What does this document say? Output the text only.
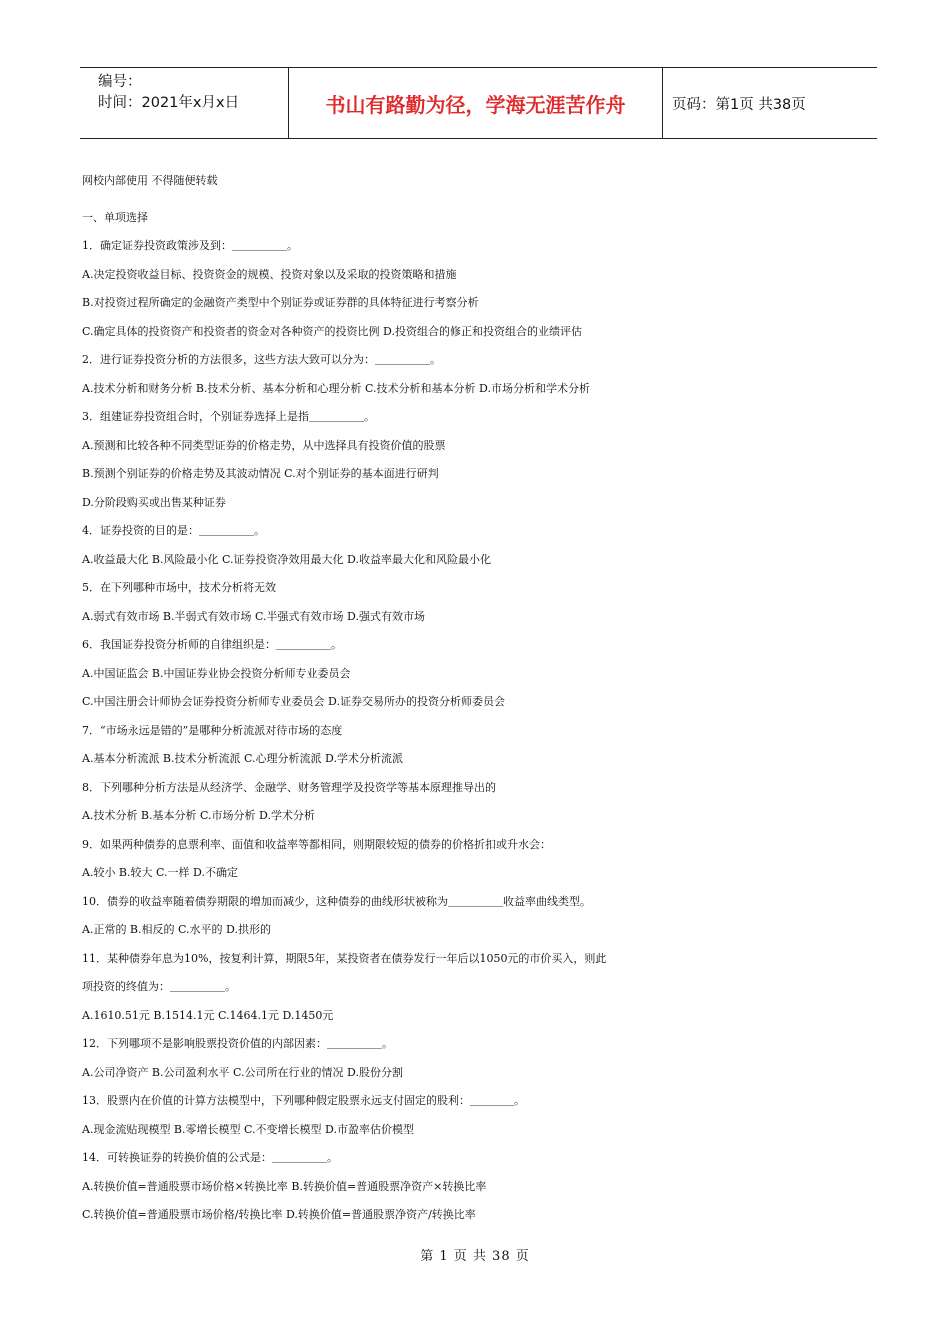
编号：
时间：2021年x月x日	书山有路勤为径，学海无涯苦作舟	页码：第1页 共38页
网校内部使用 不得随便转载
一、单项选择
1．确定证券投资政策涉及到：＿＿＿＿＿。
A.决定投资收益目标、投资资金的规模、投资对象以及采取的投资策略和措施
B.对投资过程所确定的金融资产类型中个别证券或证券群的具体特征进行考察分析
C.确定具体的投资资产和投资者的资金对各种资产的投资比例 D.投资组合的修正和投资组合的业绩评估
2．进行证券投资分析的方法很多，这些方法大致可以分为：＿＿＿＿＿。
A.技术分析和财务分析 B.技术分析、基本分析和心理分析 C.技术分析和基本分析 D.市场分析和学术分析
3．组建证券投资组合时，个别证券选择上是指＿＿＿＿＿。
A.预测和比较各种不同类型证券的价格走势，从中选择具有投资价值的股票
B.预测个别证券的价格走势及其波动情况 C.对个别证券的基本面进行研判
D.分阶段购买或出售某种证券
4．证券投资的目的是：＿＿＿＿＿。
A.收益最大化 B.风险最小化 C.证券投资净效用最大化 D.收益率最大化和风险最小化
5．在下列哪种市场中，技术分析将无效
A.弱式有效市场 B.半弱式有效市场 C.半强式有效市场 D.强式有效市场
6．我国证券投资分析师的自律组织是：＿＿＿＿＿。
A.中国证监会 B.中国证券业协会投资分析师专业委员会
C.中国注册会计师协会证券投资分析师专业委员会 D.证券交易所办的投资分析师委员会
7．“市场永远是错的”是哪种分析流派对待市场的态度
A.基本分析流派 B.技术分析流派 C.心理分析流派 D.学术分析流派
8．下列哪种分析方法是从经济学、金融学、财务管理学及投资学等基本原理推导出的
A.技术分析 B.基本分析 C.市场分析 D.学术分析
9．如果两种债券的息票利率、面值和收益率等都相同，则期限较短的债券的价格折扣或升水会：
A.较小 B.较大 C.一样 D.不确定
10．债券的收益率随着债券期限的增加而减少，这种债券的曲线形状被称为＿＿＿＿＿收益率曲线类型。
A.正常的 B.相反的 C.水平的 D.拱形的
11．某种债券年息为10%，按复利计算，期限5年，某投资者在债券发行一年后以1050元的市价买入，则此
项投资的终值为：＿＿＿＿＿。
A.1610.51元 B.1514.1元 C.1464.1元 D.1450元
12．下列哪项不是影响股票投资价值的内部因素：＿＿＿＿＿。
A.公司净资产 B.公司盈利水平 C.公司所在行业的情况 D.股份分割
13．股票内在价值的计算方法模型中，下列哪种假定股票永远支付固定的股利：＿＿＿＿。
A.现金流贴现模型 B.零增长模型 C.不变增长模型 D.市盈率估价模型
14．可转换证券的转换价值的公式是：＿＿＿＿＿。
A.转换价值=普通股票市场价格×转换比率 B.转换价值=普通股票净资产×转换比率
C.转换价值=普通股票市场价格/转换比率 D.转换价值=普通股票净资产/转换比率
第 1 页 共 38 页
